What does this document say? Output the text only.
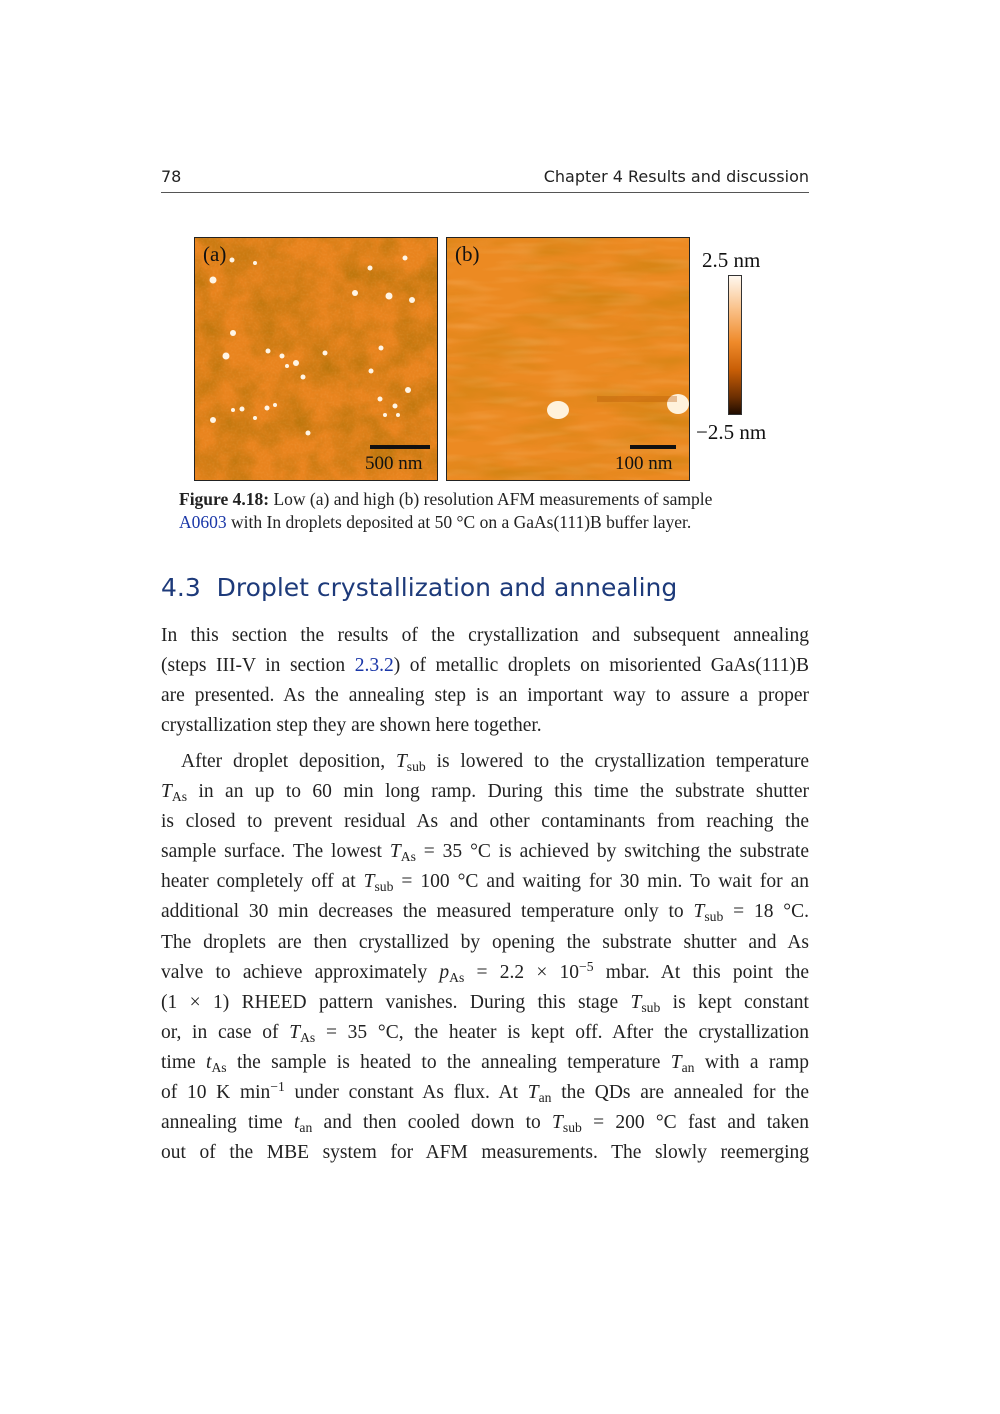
78	Chapter 4 Results and discussion
(a)
500 nm
(b)
100 nm
2.5 nm
−2.5 nm
Figure 4.18: Low (a) and high (b) resolution AFM measurements of sample
A0603 with In droplets deposited at 50 °C on a GaAs(111)B buffer layer.
4.3 Droplet crystallization and annealing
In this section the results of the crystallization and subsequent annealing
(steps III-V in section 2.3.2) of metallic droplets on misoriented GaAs(111)B
are presented. As the annealing step is an important way to assure a proper
crystallization step they are shown here together.
After droplet deposition, $T_{sub}$ is lowered to the crystallization temperature
$T_{As}$ in an up to 60 min long ramp. During this time the substrate shutter
is closed to prevent residual As and other contaminants from reaching the
sample surface. The lowest $T_{As} = 35$ °C is achieved by switching the substrate
heater completely off at $T_{sub} = 100$ °C and waiting for 30 min. To wait for an
additional 30 min decreases the measured temperature only to $T_{sub} = 18$ °C.
The droplets are then crystallized by opening the substrate shutter and As
valve to achieve approximately $p_{As} = 2.2 \times 10^{-5}$ mbar. At this point the
(1 × 1) RHEED pattern vanishes. During this stage $T_{sub}$ is kept constant
or, in case of $T_{As} = 35$ °C, the heater is kept off. After the crystallization
time $t_{As}$ the sample is heated to the annealing temperature $T_{an}$ with a ramp
of 10 K $\min^{-1}$ under constant As flux. At $T_{an}$ the QDs are annealed for the
annealing time $t_{an}$ and then cooled down to $T_{sub} = 200$ °C fast and taken
out of the MBE system for AFM measurements. The slowly reemerging
